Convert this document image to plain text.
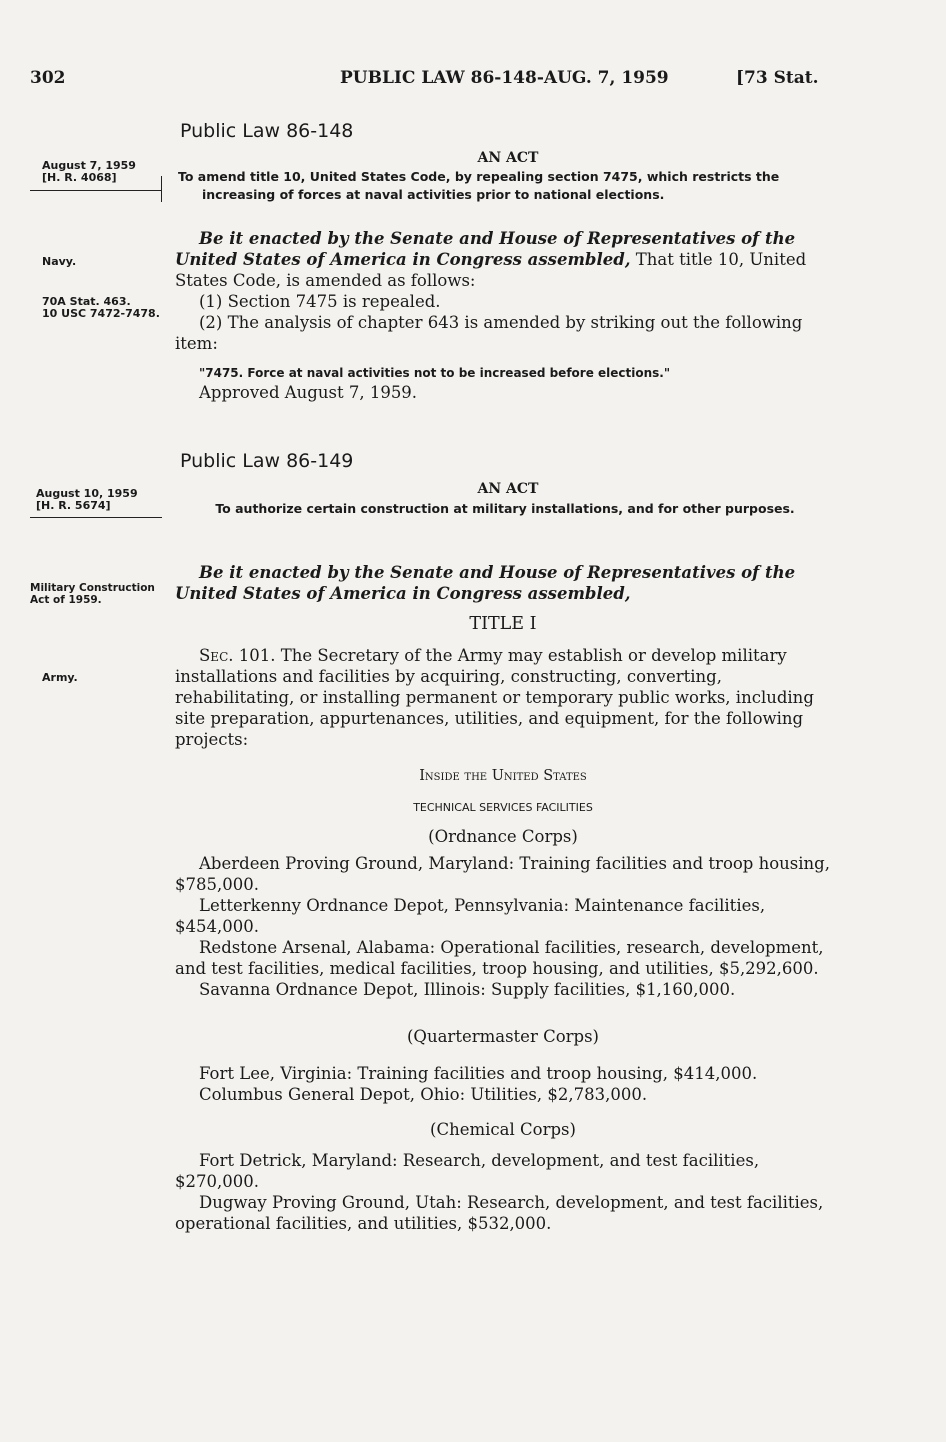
302	PUBLIC LAW 86-148-AUG. 7, 1959	[73 Stat.
Public Law 86-148
August 7, 1959
[H. R. 4068]
AN ACT

To amend title 10, United States Code, by repealing section 7475, which restricts the increasing of forces at naval activities prior to national elections.

Navy.
70A Stat. 463.
10 USC 7472-7478.

Be it enacted by the Senate and House of Representatives of the United States of America in Congress assembled, That title 10, United States Code, is amended as follows:

(1) Section 7475 is repealed.

(2) The analysis of chapter 643 is amended by striking out the following item:

"7475. Force at naval activities not to be increased before elections."

Approved August 7, 1959.

Public Law 86-149
August 10, 1959
[H. R. 5674]
AN ACT

To authorize certain construction at military installations, and for other purposes.

Military Construction Act of 1959.
Army.

Be it enacted by the Senate and House of Representatives of the United States of America in Congress assembled,

TITLE I

Sec. 101. The Secretary of the Army may establish or develop military installations and facilities by acquiring, constructing, converting, rehabilitating, or installing permanent or temporary public works, including site preparation, appurtenances, utilities, and equipment, for the following projects:

Inside the United States

TECHNICAL SERVICES FACILITIES

(Ordnance Corps)

Aberdeen Proving Ground, Maryland: Training facilities and troop housing, $785,000.

Letterkenny Ordnance Depot, Pennsylvania: Maintenance facilities, $454,000.

Redstone Arsenal, Alabama: Operational facilities, research, development, and test facilities, medical facilities, troop housing, and utilities, $5,292,600.

Savanna Ordnance Depot, Illinois: Supply facilities, $1,160,000.

(Quartermaster Corps)

Fort Lee, Virginia: Training facilities and troop housing, $414,000.

Columbus General Depot, Ohio: Utilities, $2,783,000.

(Chemical Corps)

Fort Detrick, Maryland: Research, development, and test facilities, $270,000.

Dugway Proving Ground, Utah: Research, development, and test facilities, operational facilities, and utilities, $532,000.
